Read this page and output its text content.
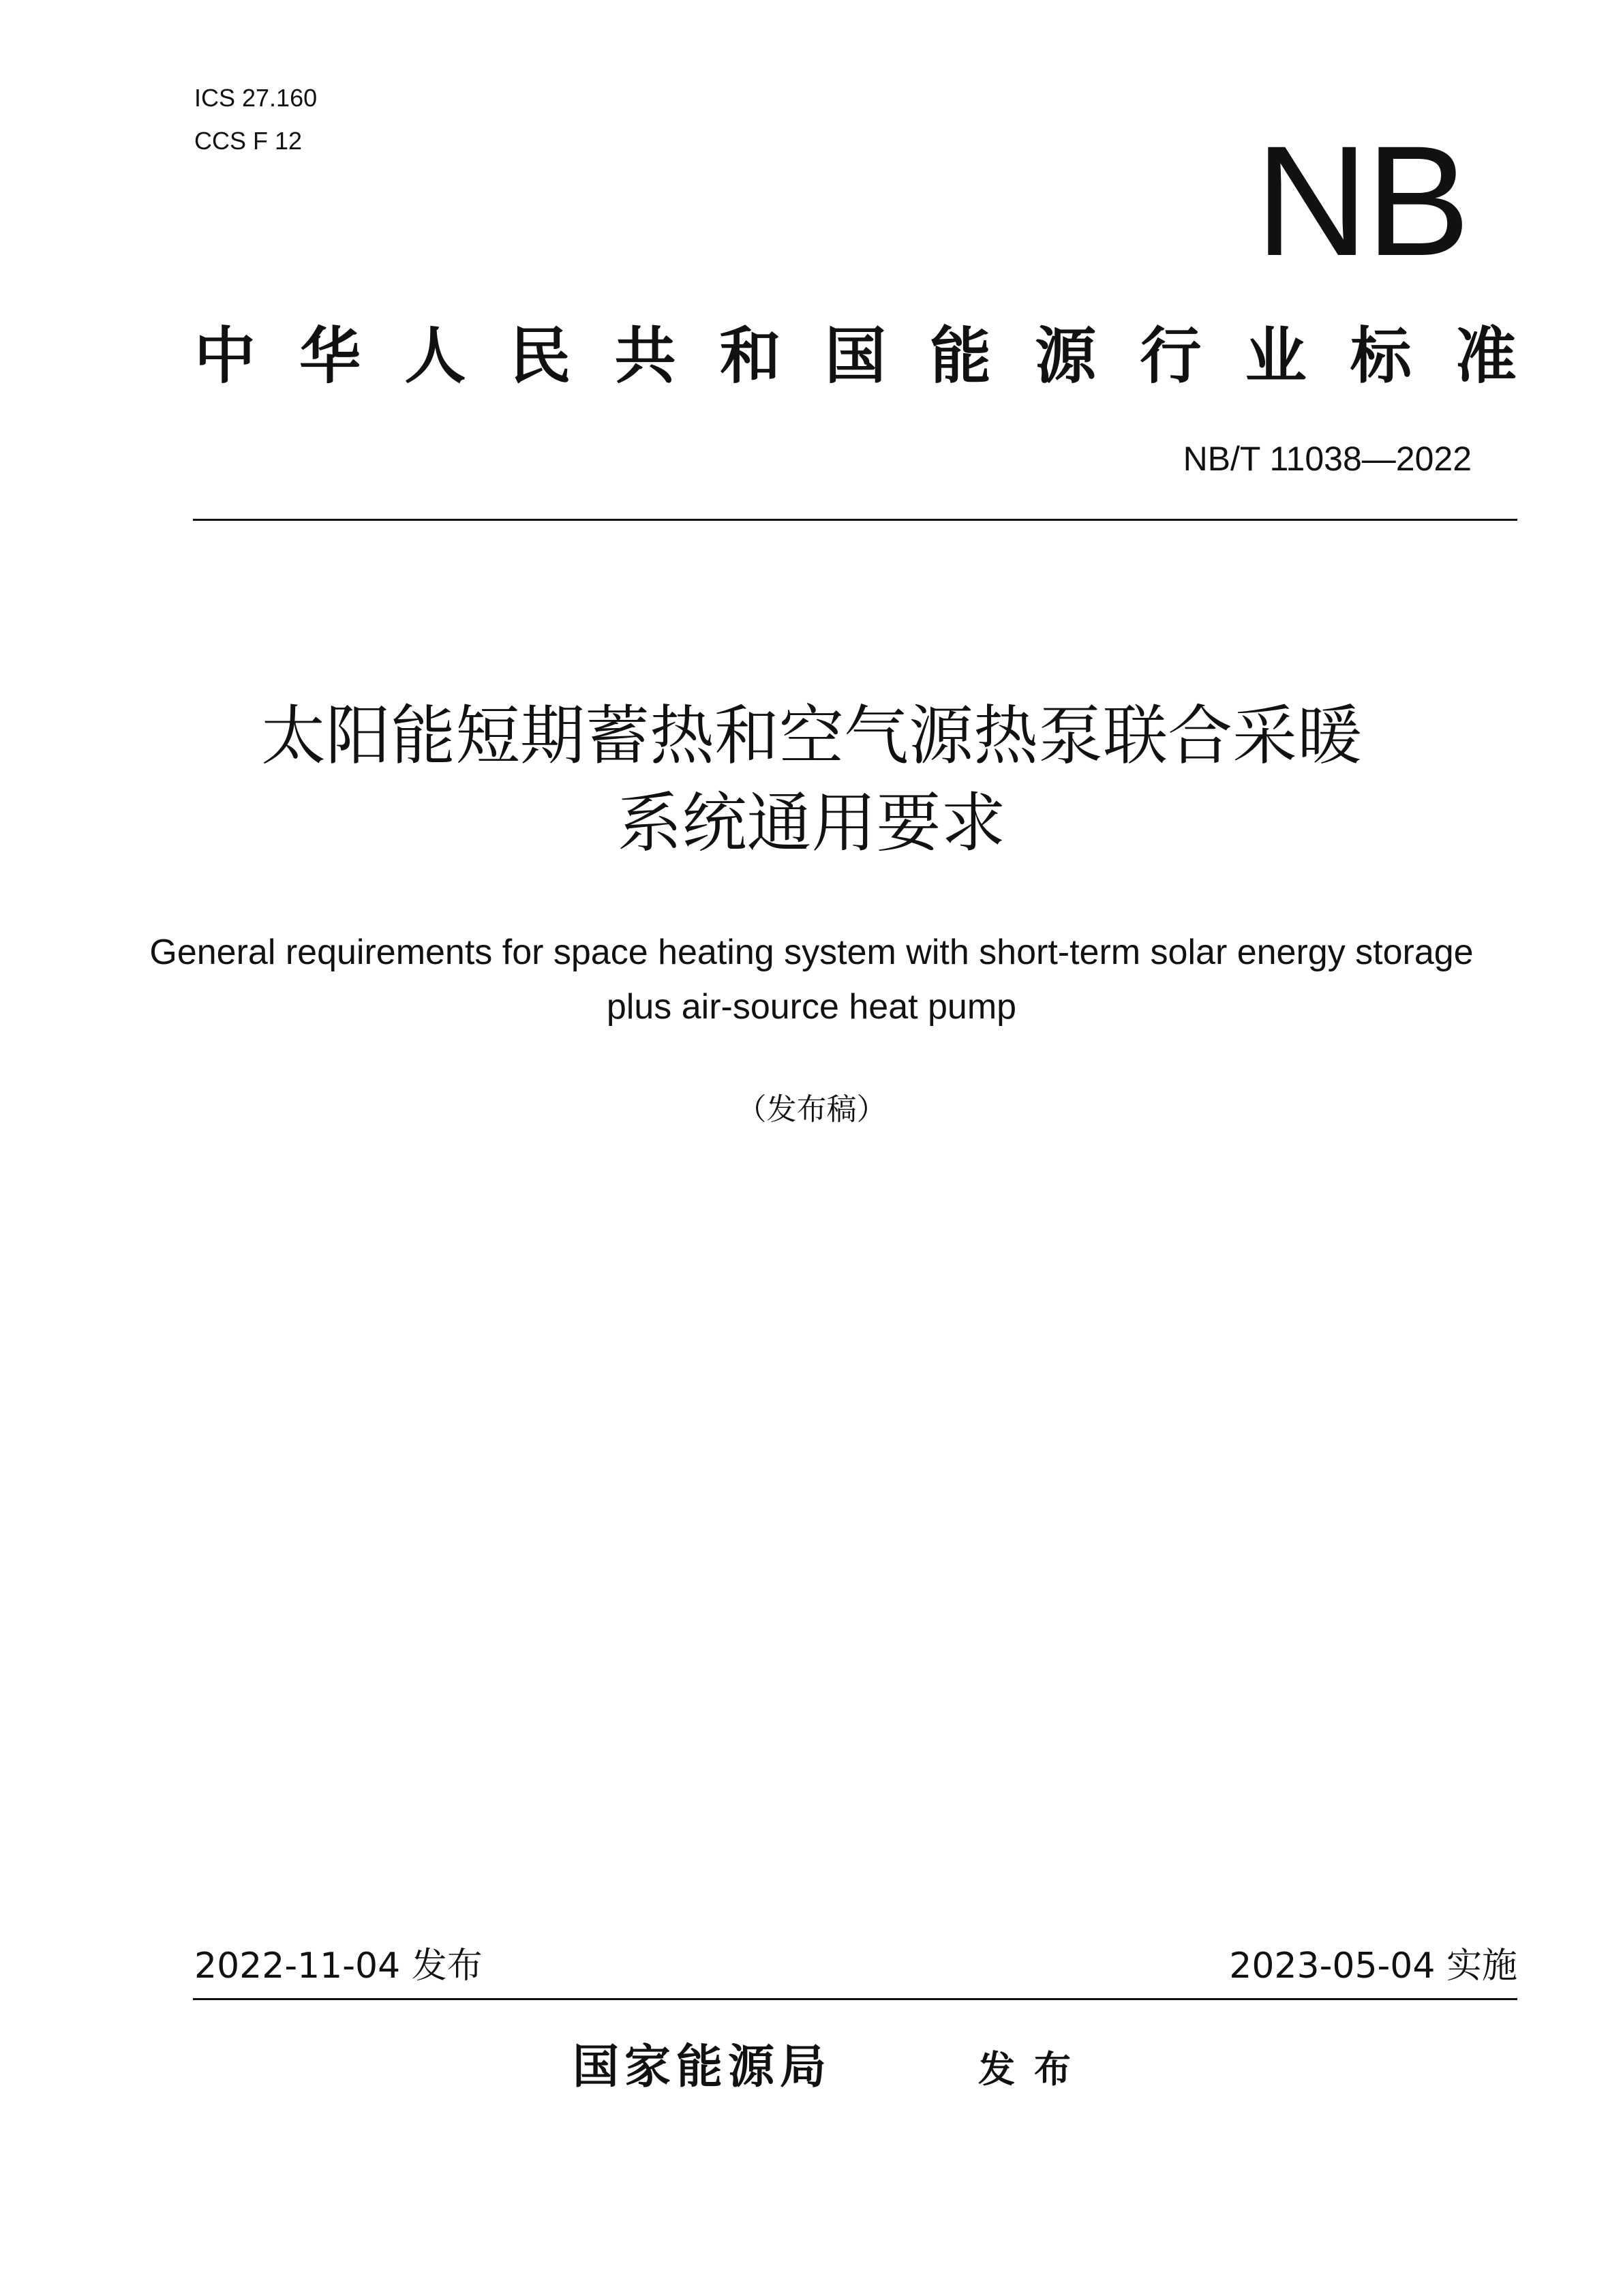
ICS 27.160
CCS F 12	NB
中 华 人 民 共 和 国 能 源 行 业 标 准
NB/T 11038—2022
太阳能短期蓄热和空气源热泵联合采暖
系统通用要求
General requirements for space heating system with short-term solar energy storage
plus air-source heat pump
（发布稿）
2022-11-04 发布	2023-05-04 实施
国家能源局	发布
